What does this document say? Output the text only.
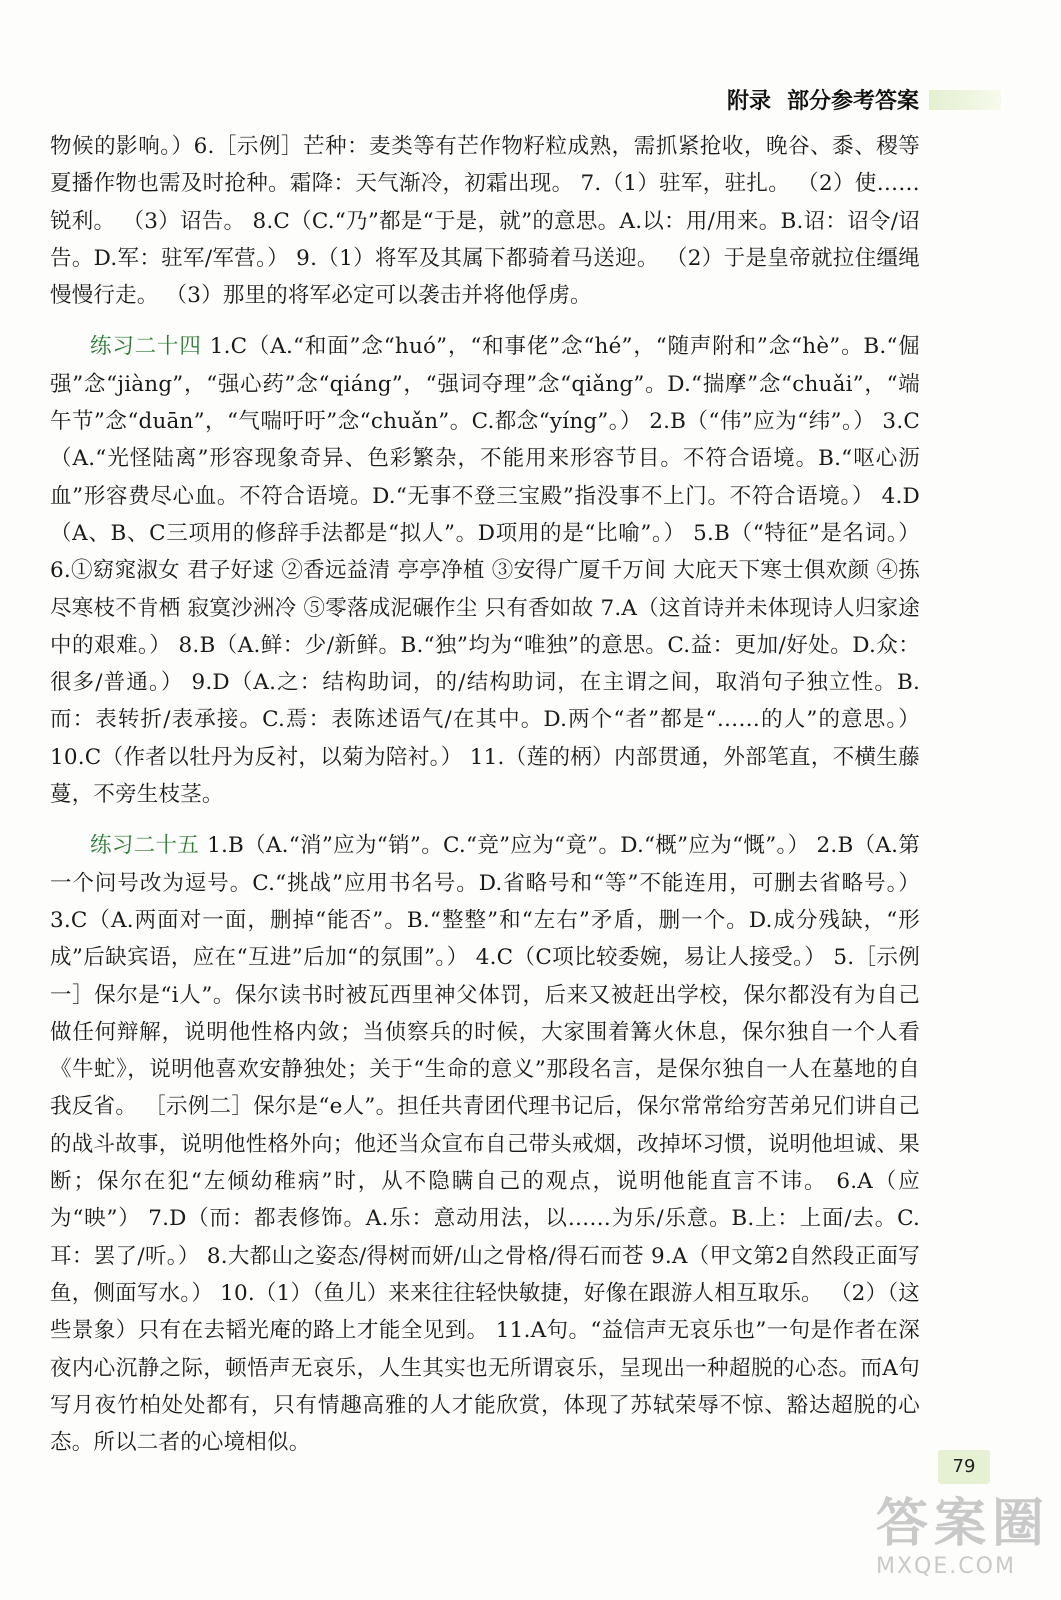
附录 部分参考答案

物候的影响。）6.［示例］芒种：麦类等有芒作物籽粒成熟，需抓紧抢收，晚谷、黍、稷等夏播作物也需及时抢种。霜降：天气渐冷，初霜出现。 7.（1）驻军，驻扎。 （2）使……锐利。 （3）诏告。 8.C（C.“乃”都是“于是，就”的意思。A.以：用/用来。B.诏：诏令/诏告。D.军：驻军/军营。） 9.（1）将军及其属下都骑着马送迎。 （2）于是皇帝就拉住缰绳慢慢行走。 （3）那里的将军必定可以袭击并将他俘虏。

练习二十四 1.C（A.“和面”念“huó”，“和事佬”念“hé”，“随声附和”念“hè”。B.“倔强”念“jiàng”，“强心药”念“qiáng”，“强词夺理”念“qiǎng”。D.“揣摩”念“chuǎi”，“端午节”念“duān”，“气喘吁吁”念“chuǎn”。C.都念“yíng”。） 2.B（“伟”应为“纬”。） 3.C（A.“光怪陆离”形容现象奇异、色彩繁杂，不能用来形容节目。不符合语境。B.“呕心沥血”形容费尽心血。不符合语境。D.“无事不登三宝殿”指没事不上门。不符合语境。） 4.D（A、B、C三项用的修辞手法都是“拟人”。D项用的是“比喻”。） 5.B（“特征”是名词。） 6.①窈窕淑女 君子好逑 ②香远益清 亭亭净植 ③安得广厦千万间 大庇天下寒士俱欢颜 ④拣尽寒枝不肯栖 寂寞沙洲冷 ⑤零落成泥碾作尘 只有香如故 7.A（这首诗并未体现诗人归家途中的艰难。） 8.B（A.鲜：少/新鲜。B.“独”均为“唯独”的意思。C.益：更加/好处。D.众：很多/普通。） 9.D（A.之：结构助词，的/结构助词，在主谓之间，取消句子独立性。B.而：表转折/表承接。C.焉：表陈述语气/在其中。D.两个“者”都是“……的人”的意思。） 10.C（作者以牡丹为反衬，以菊为陪衬。） 11.（莲的柄）内部贯通，外部笔直，不横生藤蔓，不旁生枝茎。

练习二十五 1.B（A.“消”应为“销”。C.“竞”应为“竟”。D.“概”应为“慨”。） 2.B（A.第一个问号改为逗号。C.“挑战”应用书名号。D.省略号和“等”不能连用，可删去省略号。） 3.C（A.两面对一面，删掉“能否”。B.“整整”和“左右”矛盾，删一个。D.成分残缺，“形成”后缺宾语，应在“互进”后加“的氛围”。） 4.C（C项比较委婉，易让人接受。） 5.［示例一］保尔是“i人”。保尔读书时被瓦西里神父体罚，后来又被赶出学校，保尔都没有为自己做任何辩解，说明他性格内敛；当侦察兵的时候，大家围着篝火休息，保尔独自一个人看《牛虻》，说明他喜欢安静独处；关于“生命的意义”那段名言，是保尔独自一人在墓地的自我反省。 ［示例二］保尔是“e人”。担任共青团代理书记后，保尔常常给穷苦弟兄们讲自己的战斗故事，说明他性格外向；他还当众宣布自己带头戒烟，改掉坏习惯，说明他坦诚、果断；保尔在犯“左倾幼稚病”时，从不隐瞒自己的观点，说明他能直言不讳。 6.A（应为“映”） 7.D（而：都表修饰。A.乐：意动用法，以……为乐/乐意。B.上：上面/去。C.耳：罢了/听。） 8.大都山之姿态/得树而妍/山之骨格/得石而苍 9.A（甲文第2自然段正面写鱼，侧面写水。） 10.（1）（鱼儿）来来往往轻快敏捷，好像在跟游人相互取乐。 （2）（这些景象）只有在去韬光庵的路上才能全见到。 11.A句。“益信声无哀乐也”一句是作者在深夜内心沉静之际，顿悟声无哀乐，人生其实也无所谓哀乐，呈现出一种超脱的心态。而A句写月夜竹柏处处都有，只有情趣高雅的人才能欣赏，体现了苏轼荣辱不惊、豁达超脱的心态。所以二者的心境相似。

79
答案圈
MXQE.COM
